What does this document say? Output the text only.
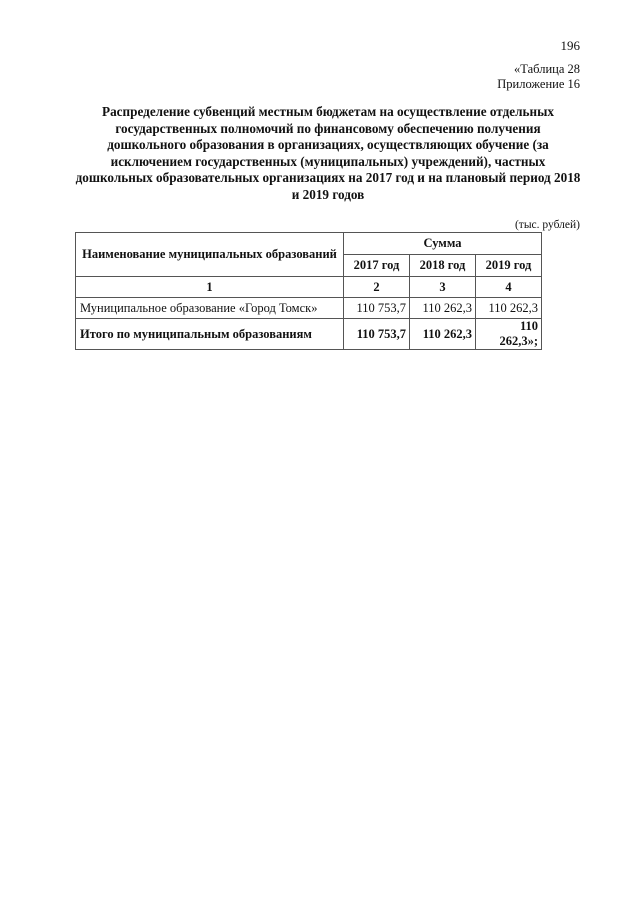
196
«Таблица 28
Приложение 16
Распределение субвенций местным бюджетам на осуществление отдельных государственных полномочий по финансовому обеспечению получения дошкольного образования в организациях, осуществляющих обучение (за исключением государственных (муниципальных) учреждений), частных дошкольных образовательных организациях на 2017 год и на плановый период 2018 и 2019 годов
(тыс. рублей)
Наименование муниципальных образований	Сумма		
	2017 год	2018 год	2019 год
1	2	3	4
Муниципальное образование «Город Томск»	110 753,7	110 262,3	110 262,3
Итого по муниципальным образованиям	110 753,7	110 262,3	110 262,3»;
